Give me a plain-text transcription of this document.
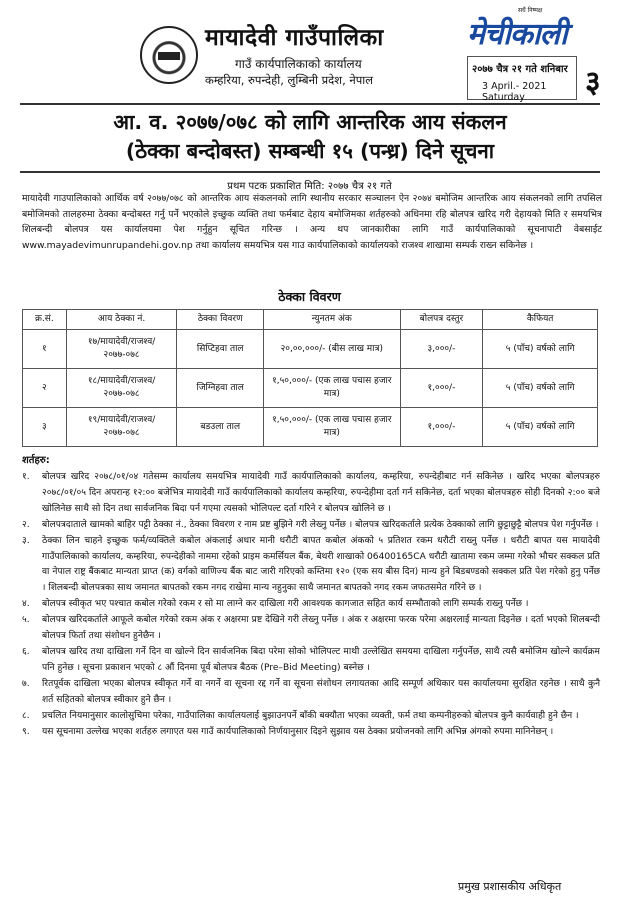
मायादेवी गाउँपालिका
गाउँ कार्यपालिकाको कार्यालय
कम्हरिया, रुपन्देही, लुम्बिनी प्रदेश, नेपाल
सधैं निष्पक्ष
मेचीकाली
२०७७ चैत्र २१ गते शनिबार
3 April.- 2021 Saturday	३
आ. व. २०७७/०७८ को लागि आन्तरिक आय संकलन
(ठेक्का बन्दोबस्त) सम्बन्धी १५ (पन्ध्र) दिने सूचना
प्रथम पटक प्रकाशित मिति: २०७७ चैत्र २१ गते
मायादेवी गाउपालिकाको आर्थिक वर्ष २०७७/०७८ को आन्तरिक आय संकलनको लागि स्थानीय सरकार सञ्चालन ऐन २०७४ बमोजिम आन्तरिक आय संकलनको लागि तपसिल बमोजिमको तालहरुमा ठेक्का बन्दोबस्त गर्नु पर्ने भएकोले इच्छुक व्यक्ति तथा फर्मबाट देहाय बमोजिमका शर्तहरुको अधिनमा रहि बोलपत्र खरिद गरी देहायको मिति र समयभित्र शिलबन्दी बोलपत्र यस कार्यालयमा पेश गर्नुहुन सूचित गरिन्छ । अन्य थप जानकारीका लागि गाउँ कार्यपालिकाको सूचनापाटी वेबसाईट www.mayadevimunrupandehi.gov.np तथा कार्यालय समयभित्र यस गाउ कार्यपालिकाको कार्यालयको राजश्व शाखामा सम्पर्क राख्न सकिनेछ ।
ठेक्का विवरण
क्र.सं.	आय ठेक्का नं.	ठेक्का विवरण	न्युनतम अंक	बोलपत्र दस्तुर	कैफियत
१	१७/मायादेवी/राजश्व/ २०७७-०७८	सिप्टिहवा ताल	२०,००,०००/- (बीस लाख मात्र)	३,०००/-	५ (पाँच) वर्षको लागि
२	१८/मायादेवी/राजश्व/ २०७७-०७८	जिग्निहवा ताल	१,५०,०००/- (एक लाख पचास हजार मात्र)	१,०००/-	५ (पाँच) वर्षको लागि
३	१९/मायादेवी/राजश्व/ २०७७-०७८	बडउला ताल	१,५०,०००/- (एक लाख पचास हजार मात्र)	१,०००/-	५ (पाँच) वर्षको लागि
शर्तहरु:
१. बोलपत्र खरिद २०७८/०१/०४ गतेसम्म कार्यालय समयभित्र मायादेवी गाउँ कार्यपालिकाको कार्यालय, कम्हरिया, रुपन्देहीबाट गर्न सकिनेछ । खरिद भएका बोलपत्रहरु २०७८/०१/०५ दिन अपरान्ह १२:०० बजेभित्र मायादेवी गाउँ कार्यपालिकाको कार्यालय कम्हरिया, रुपन्देहीमा दर्ता गर्न सकिनेछ, दर्ता भएका बोलपत्रहरु सोही दिनको २:०० बजे खोलिनेछ साथै सो दिन तथा सार्वजनिक बिदा पर्न गएमा त्यसको भोलिपल्ट दर्ता गरिने र बोलपत्र खोलिने छ ।
२. बोलपत्रदाताले खामको बाहिर पट्टी ठेक्का नं., ठेक्का विवरण र नाम प्रष्ट बुझिने गरी लेख्नु पर्नेछ । बोलपत्र खरिदकर्ताले प्रत्येक ठेक्काको लागि छुट्टाछुट्टै बोलपत्र पेश गर्नुपर्नेछ ।
३. ठेक्का लिन चाहने इच्छुक फर्म/व्यक्तिले कबोल अंकलाई अधार मानी धरौटी बापत कबोल अंकको ५ प्रतिशत रकम धरौटी राख्नु पर्नेछ । धरौटी बापत यस मायादेवी गाउँपालिकाको कार्यालय, कम्हरिया, रुपन्देहीको नाममा रहेको प्राइम कमर्सियल बैंक, बेथरी शाखाको 06400165CA धरौटी खातामा रकम जम्मा गरेको भौचर सक्कल प्रति वा नेपाल राष्ट्र बैंकबाट मान्यता प्राप्त (क) वर्गको वाणिज्य बैंक बाट जारी गरिएको कम्तिमा १२० (एक सय बीस दिन) मान्य हुने बिडबण्डको सक्कल प्रति पेश गरेको हुनु पर्नेछ । शिलबन्दी बोलपत्रका साथ जमानत बापतको रकम नगद राखेमा मान्य नहुनुका साथै जमानत बापतको नगद रकम जफतसमेत गरिने छ ।
४. बोलपत्र स्वीकृत भए पश्चात कबोल गरेको रकम र सो मा लाग्ने कर दाखिला गरी आवश्यक कागजात सहित कार्य सम्भौताको लागि सम्पर्क राख्नु पर्नेछ ।
५. बोलपत्र खरिदकर्ताले आफूले कबोल गरेको रकम अंक र अक्षरमा प्रष्ट देखिने गरी लेख्नु पर्नेछ । अंक र अक्षरमा फरक परेमा अक्षरलाई मान्यता दिइनेछ । दर्ता भएको शिलबन्दी बोलपत्र फिर्ता तथा संशोधन हुनेछैन ।
६. बोलपत्र खरिद तथा दाखिला गर्ने दिन वा खोल्ने दिन सार्वजनिक बिदा परेमा सोको भोलिपल्ट माथी उल्लेखित समयमा दाखिला गर्नुपर्नेछ, साथै त्यसै बमोजिम खोल्ने कार्यक्रम पनि हुनेछ । सूचना प्रकाशन भएको ८ औं दिनमा पूर्व बोलपत्र बैठक (Pre–Bid Meeting) बस्नेछ ।
७. रितपूर्वक दाखिला भएका बोलपत्र स्वीकृत गर्ने वा नगर्ने वा सूचना रद्द गर्ने वा सूचना संशोधन लगायतका आदि सम्पूर्ण अधिकार यस कार्यालयमा सुरक्षित रहनेछ । साथै कुनै शर्त सहितको बोलपत्र स्वीकार हुने छैन ।
८. प्रचलित नियमानुसार कालोसुचिमा परेका, गाउँपालिका कार्यालयलाई बुझाउनपर्ने बाँकी बक्यौता भएका व्यक्ती, फर्म तथा कम्पनीहरुको बोलपत्र कुनै कार्यवाही हुने छैन ।
९. यस सूचनामा उल्लेख भएका शर्तहरु लगाएत यस गाउँ कार्यपालिकाको निर्णयानुसार दिइने सुझाव यस ठेक्का प्रयोजनको लागि अभिन्न अंगको रुपमा मानिनेछन् ।
प्रमुख प्रशासकीय अधिकृत
